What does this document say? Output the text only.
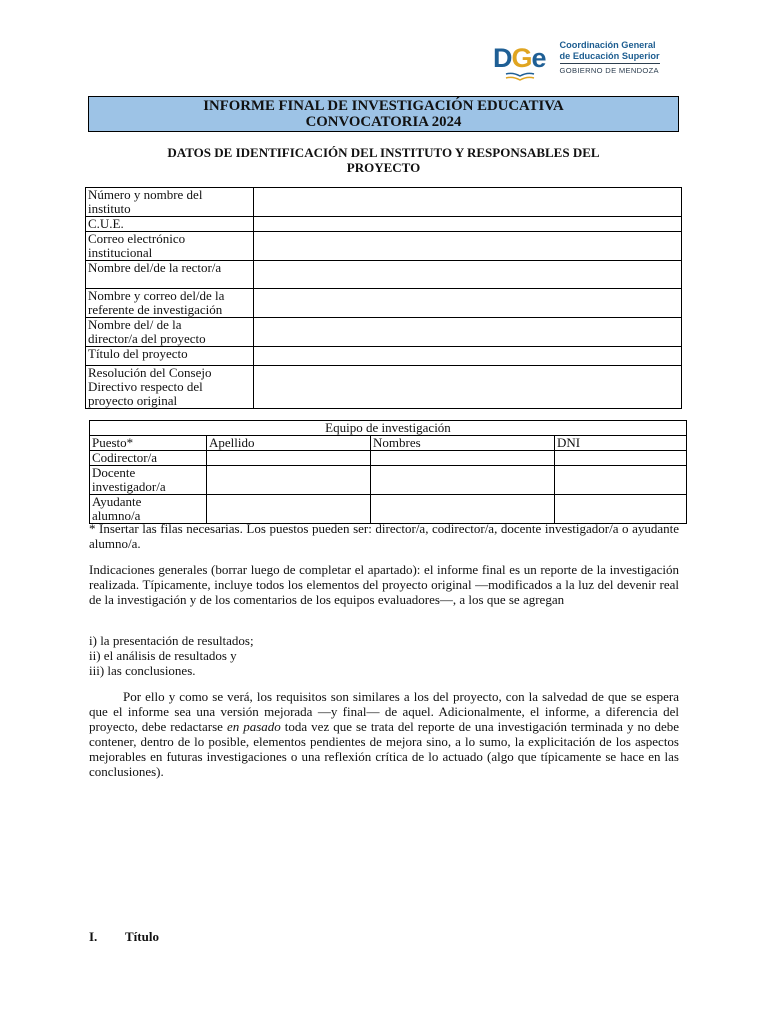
D G e Coordinación General
de Educación Superior
GOBIERNO DE MENDOZA
INFORME FINAL DE INVESTIGACIÓN EDUCATIVA
CONVOCATORIA 2024
DATOS DE IDENTIFICACIÓN DEL INSTITUTO Y RESPONSABLES DEL
PROYECTO
Número y nombre del
instituto	

C.U.E.	

Correo electrónico
institucional	

Nombre del/de la rector/a	

Nombre y correo del/de la
referente de investigación	

Nombre del/ de la
director/a del proyecto	

Título del proyecto	

Resolución del Consejo
Directivo respecto del
proyecto original	

Equipo de investigación			
Puesto*	Apellido	Nombres	DNI

Codirector/a			

Docente
investigador/a			

Ayudante
alumno/a			

* Insertar las filas necesarias. Los puestos pueden ser: director/a, codirector/a, docente investigador/a o ayudante alumno/a.
Indicaciones generales (borrar luego de completar el apartado): el informe final es un reporte de la investigación realizada. Típicamente, incluye todos los elementos del proyecto original —modificados a la luz del devenir real de la investigación y de los comentarios de los equipos evaluadores—, a los que se agregan
i) la presentación de resultados;
ii) el análisis de resultados y
iii) las conclusiones.
Por ello y como se verá, los requisitos son similares a los del proyecto, con la salvedad de que se espera que el informe sea una versión mejorada —y final— de aquel. Adicionalmente, el informe, a diferencia del proyecto, debe redactarse en pasado toda vez que se trata del reporte de una investigación terminada y no debe contener, dentro de lo posible, elementos pendientes de mejora sino, a lo sumo, la explicitación de los aspectos mejorables en futuras investigaciones o una reflexión crítica de lo actuado (algo que típicamente se hace en las conclusiones).
I. Título
